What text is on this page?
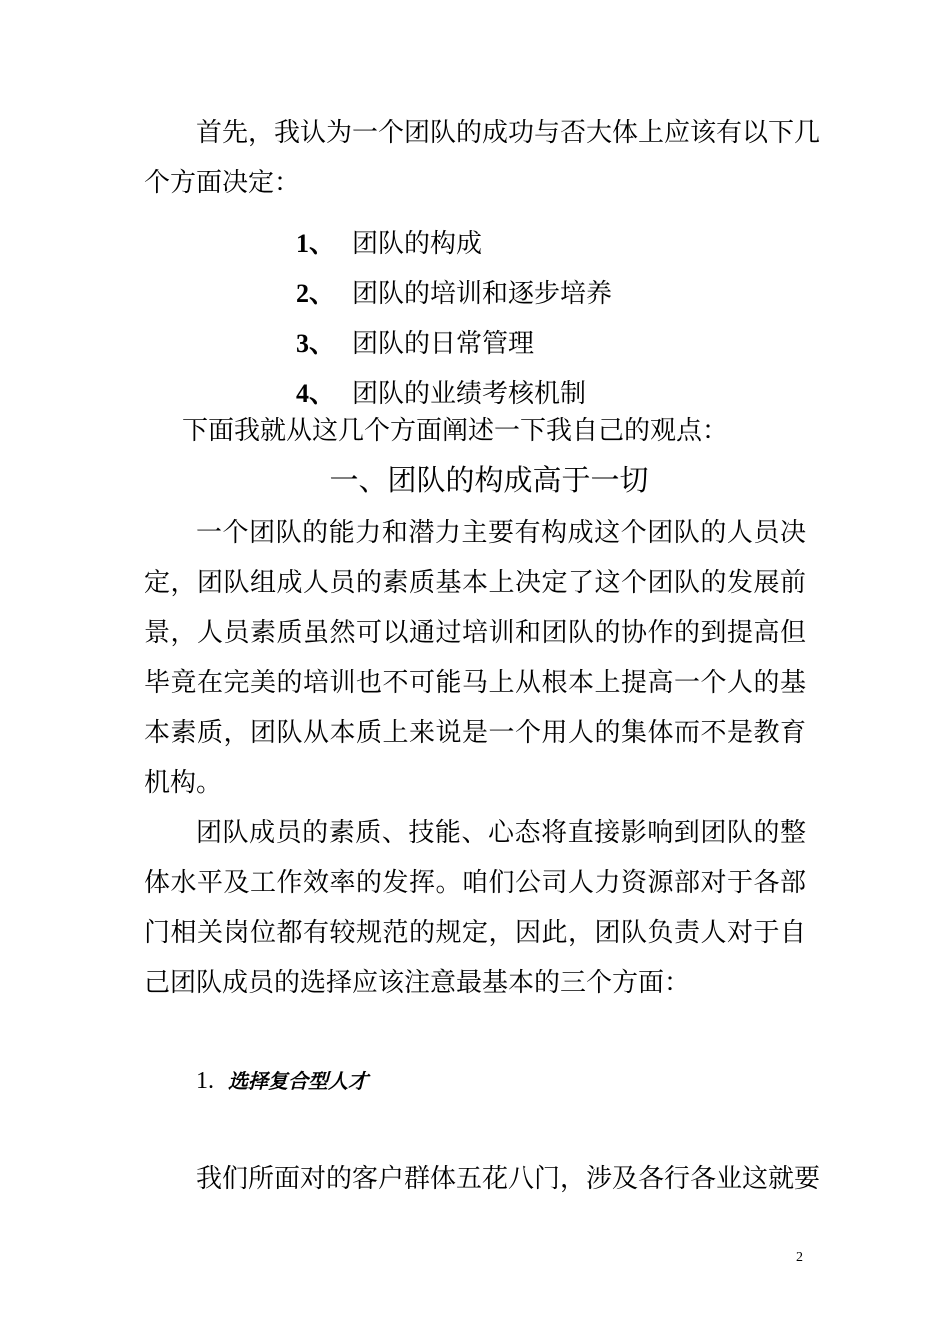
首先，我认为一个团队的成功与否大体上应该有以下几
个方面决定：
1、 团队的构成
2、 团队的培训和逐步培养
3、 团队的日常管理
4、 团队的业绩考核机制
下面我就从这几个方面阐述一下我自己的观点：
一、团队的构成高于一切
一个团队的能力和潜力主要有构成这个团队的人员决定，团队组成人员的素质基本上决定了这个团队的发展前景，人员素质虽然可以通过培训和团队的协作的到提高但毕竟在完美的培训也不可能马上从根本上提高一个人的基本素质，团队从本质上来说是一个用人的集体而不是教育机构。
团队成员的素质、技能、心态将直接影响到团队的整体水平及工作效率的发挥。咱们公司人力资源部对于各部门相关岗位都有较规范的规定，因此，团队负责人对于自己团队成员的选择应该注意最基本的三个方面：
1. 选择复合型人才
我们所面对的客户群体五花八门，涉及各行各业这就要
2
